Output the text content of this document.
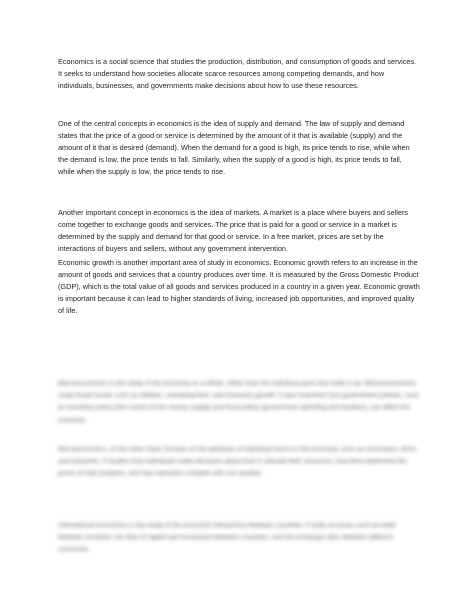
Economics is a social science that studies the production, distribution, and consumption of goods and services. It seeks to understand how societies allocate scarce resources among competing demands, and how individuals, businesses, and governments make decisions about how to use these resources.

One of the central concepts in economics is the idea of supply and demand. The law of supply and demand states that the price of a good or service is determined by the amount of it that is available (supply) and the amount of it that is desired (demand). When the demand for a good is high, its price tends to rise, while when the demand is low, the price tends to fall. Similarly, when the supply of a good is high, its price tends to fall, while when the supply is low, the price tends to rise.

Another important concept in economics is the idea of markets. A market is a place where buyers and sellers come together to exchange goods and services. The price that is paid for a good or service in a market is determined by the supply and demand for that good or service. In a free market, prices are set by the interactions of buyers and sellers, without any government intervention.

Economic growth is another important area of study in economics. Economic growth refers to an increase in the amount of goods and services that a country produces over time. It is measured by the Gross Domestic Product (GDP), which is the total value of all goods and services produced in a country in a given year. Economic growth is important because it can lead to higher standards of living, increased job opportunities, and improved quality of life.

Macroeconomics is the study of the economy as a whole, rather than the individual parts that make it up. Macroeconomists study broad issues such as inflation, unemployment, and economic growth. It also examines how government policies, such as monetary policy (the control of the money supply) and fiscal policy (government spending and taxation), can affect the economy.

Microeconomics, on the other hand, focuses on the behavior of individual actors in the economy, such as consumers, firms, and industries. It studies how individuals make decisions about how to allocate their resources, how firms determine the prices of their products, and how industries compete with one another.

International economics is the study of the economic interactions between countries. It looks at issues such as trade between countries, the flow of capital and investment between countries, and the exchange rates between different currencies.
